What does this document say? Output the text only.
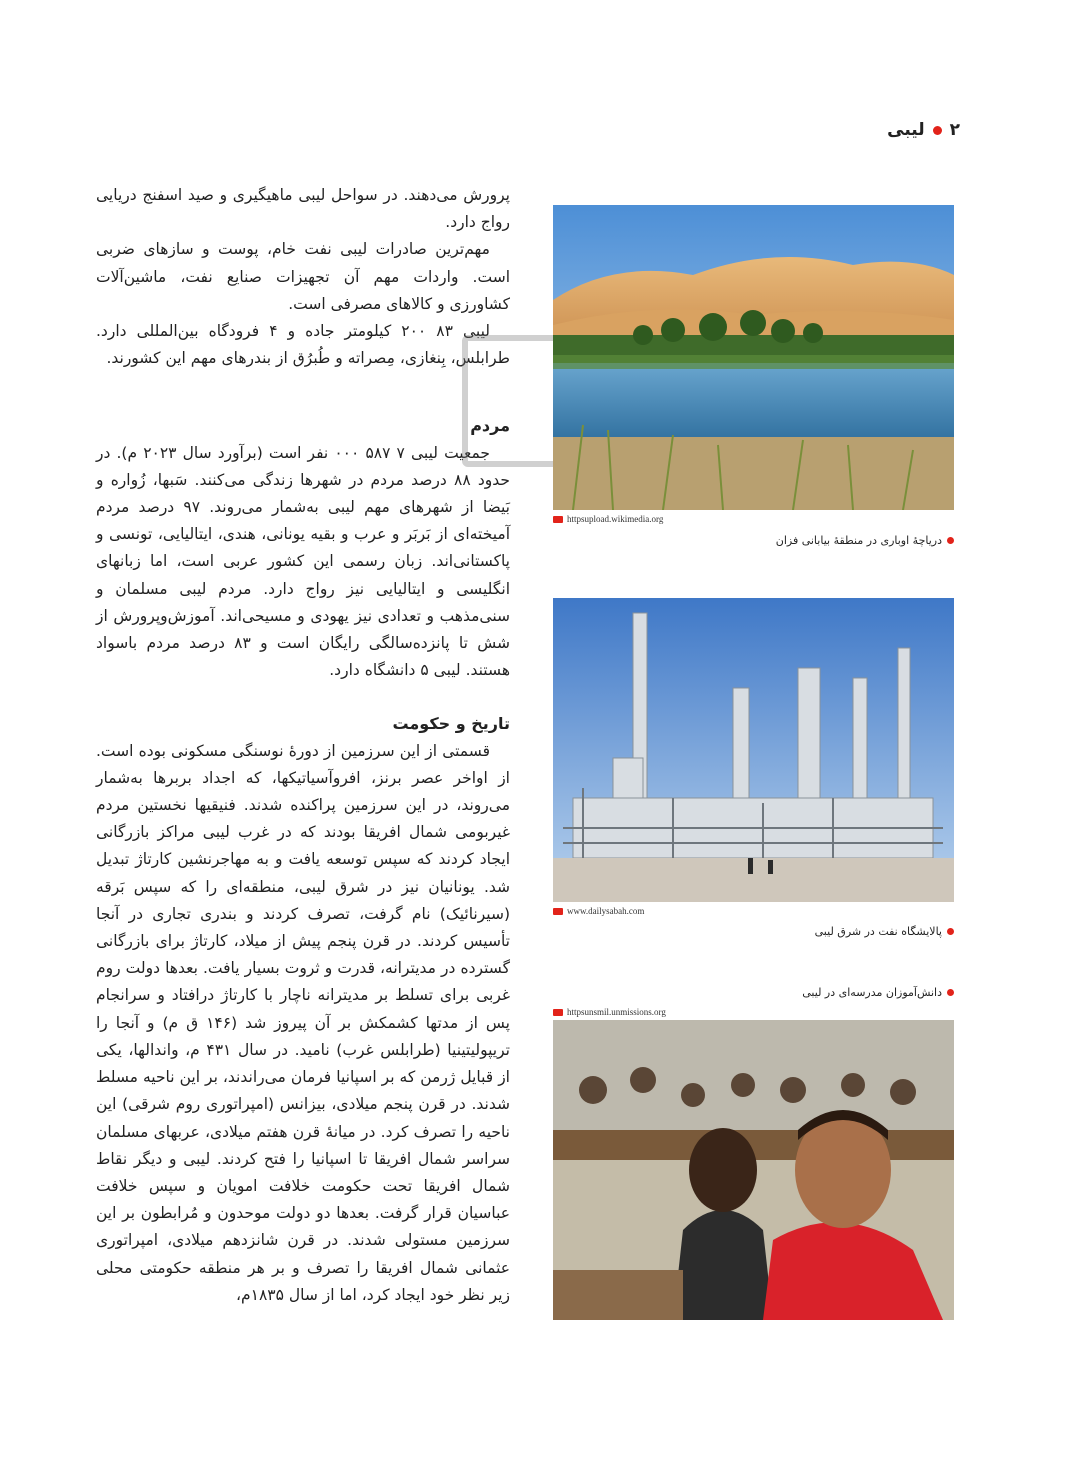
۲
لیبی

پرورش می‌دهند. در سواحل لیبی ماهیگیری و صید اسفنج دریایی رواج دارد.

مهم‌ترین صادرات لیبی نفت خام، پوست و سازهای ضربی است. واردات مهم آن تجهیزات صنایع نفت، ماشین‌آلات کشاورزی و کالاهای مصرفی است.

لیبی ۸۳ ۲۰۰ کیلومتر جاده و ۴ فرودگاه بین‌المللی دارد. طرابلس، بِنغازی، مِصراته و طُبرُق از بندرهای مهم این کشورند.

مردم

جمعیت لیبی ۷ ۵۸۷ ۰۰۰ نفر است (برآورد سال ۲۰۲۳ م). در حدود ۸۸ درصد مردم در شهرها زندگی می‌کنند. سَبها، زُواره و بَیضا از شهرهای مهم لیبی به‌شمار می‌روند. ۹۷ درصد مردم آمیخته‌ای از بَربَر و عرب و بقیه یونانی، هندی، ایتالیایی، تونسی و پاکستانی‌اند. زبان رسمی این کشور عربی است، اما زبانهای انگلیسی و ایتالیایی نیز رواج دارد. مردم لیبی مسلمان و سنی‌مذهب و تعدادی نیز یهودی و مسیحی‌اند. آموزش‌وپرورش از شش تا پانزده‌سالگی رایگان است و ۸۳ درصد مردم باسواد هستند. لیبی ۵ دانشگاه دارد.

تاریخ و حکومت

قسمتی از این سرزمین از دورهٔ نوسنگی مسکونی بوده است. از اواخر عصر برنز، افروآسیاتیکها، که اجداد بربرها به‌شمار می‌روند، در این سرزمین پراکنده شدند. فنیقیها نخستین مردم غیربومی شمال افریقا بودند که در غرب لیبی مراکز بازرگانی ایجاد کردند که سپس توسعه یافت و به مهاجرنشین کارتاژ تبدیل شد. یونانیان نیز در شرق لیبی، منطقه‌ای را که سپس بَرقه (سیرنائیک) نام گرفت، تصرف کردند و بندری تجاری در آنجا تأسیس کردند. در قرن پنجم پیش از میلاد، کارتاژ برای بازرگانی گسترده در مدیترانه، قدرت و ثروت بسیار یافت. بعدها دولت روم غربی برای تسلط بر مدیترانه ناچار با کارتاژ درافتاد و سرانجام پس از مدتها کشمکش بر آن پیروز شد (۱۴۶ ق م) و آنجا را تریپولیتینیا (طرابلس غرب) نامید. در سال ۴۳۱ م، واندالها، یکی از قبایل ژرمن که بر اسپانیا فرمان می‌راندند، بر این ناحیه مسلط شدند. در قرن پنجم میلادی، بیزانس (امپراتوری روم شرقی) این ناحیه را تصرف کرد. در میانهٔ قرن هفتم میلادی، عربهای مسلمان سراسر شمال افریقا تا اسپانیا را فتح کردند. لیبی و دیگر نقاط شمال افریقا تحت حکومت خلافت امویان و سپس خلافت عباسیان قرار گرفت. بعدها دو دولت موحدون و مُرابطون بر این سرزمین مستولی شدند. در قرن شانزدهم میلادی، امپراتوری عثمانی شمال افریقا را تصرف و بر هر منطقه حکومتی محلی زیر نظر خود ایجاد کرد، اما از سال ۱۸۳۵م،

httpsupload.wikimedia.org
دریاچهٔ اوباری در منطقهٔ بیابانی فزان
www.dailysabah.com
پالایشگاه نفت در شرق لیبی
دانش‌آموزان مدرسه‌ای در لیبی
httpsunsmil.unmissions.org
